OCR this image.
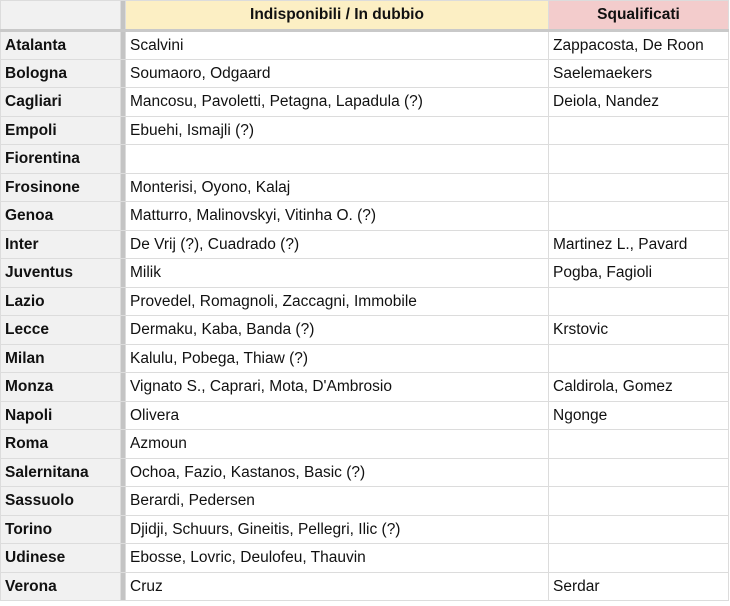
		Indisponibili / In dubbio	Squalificati
Atalanta		Scalvini	Zappacosta, De Roon
Bologna		Soumaoro, Odgaard	Saelemaekers
Cagliari		Mancosu, Pavoletti, Petagna, Lapadula (?)	Deiola, Nandez
Empoli		Ebuehi, Ismajli (?)	
Fiorentina			
Frosinone		Monterisi, Oyono, Kalaj	
Genoa		Matturro, Malinovskyi, Vitinha O. (?)	
Inter		De Vrij (?), Cuadrado (?)	Martinez L., Pavard
Juventus		Milik	Pogba, Fagioli
Lazio		Provedel, Romagnoli, Zaccagni, Immobile	
Lecce		Dermaku, Kaba, Banda (?)	Krstovic
Milan		Kalulu, Pobega, Thiaw (?)	
Monza		Vignato S., Caprari, Mota, D'Ambrosio	Caldirola, Gomez
Napoli		Olivera	Ngonge
Roma		Azmoun	
Salernitana		Ochoa, Fazio, Kastanos, Basic (?)	
Sassuolo		Berardi, Pedersen	
Torino		Djidji, Schuurs, Gineitis, Pellegri, Ilic (?)	
Udinese		Ebosse, Lovric, Deulofeu, Thauvin	
Verona		Cruz	Serdar
